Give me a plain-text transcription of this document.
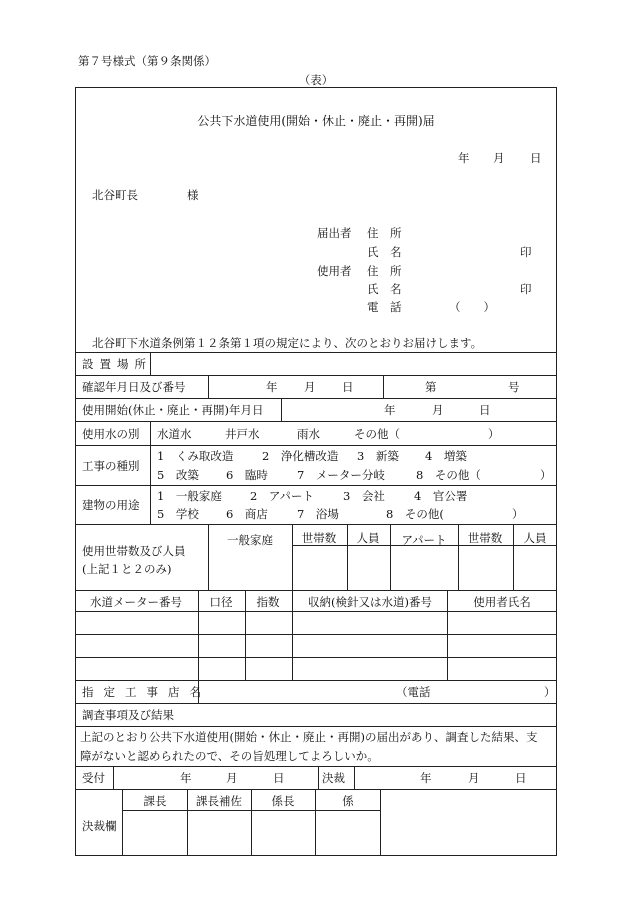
第７号様式（第９条関係）
（表）
公共下水道使用(開始・休止・廃止・再開)届
年 月 日
北谷町長	様
届出者 住　所
氏　名	印
使用者 住　所
氏　名	印
電　話	（　　）
北谷町下水道条例第１２条第１項の規定により、次のとおりお届けします。
設置場所
確認年月日及び番号	年 月 日	第	号
使用開始(休止・廃止・再開)年月日	年	月	日
使用水の別 水道水	井戸水	雨水	その他（	）
工事の種別
1　くみ取改造 2　浄化槽改造 3　新築 4　増築
5　改築 6　臨時	7　メーター分岐	8　その他（	）
建物の用途
1　一般家庭 2　アパート	3　会社	4　官公署
5　学校 6　商店	7　浴場	8　その他(	）
使用世帯数及び人員
(上記１と２のみ)
一般家庭	世帯数 人員 アパート 世帯数 人員
水道メーター番号 口径 指数 収納(検針又は水道)番号	使用者氏名
指定工事店名	（電話	）
調査事項及び結果
上記のとおり公共下水道使用(開始・休止・廃止・再開)の届出があり、調査した結果、支
障がないと認められたので、その旨処理してよろしいか。
受付	年	月	日	決裁	年	月	日
決裁欄
課長	課長補佐	係長	係
